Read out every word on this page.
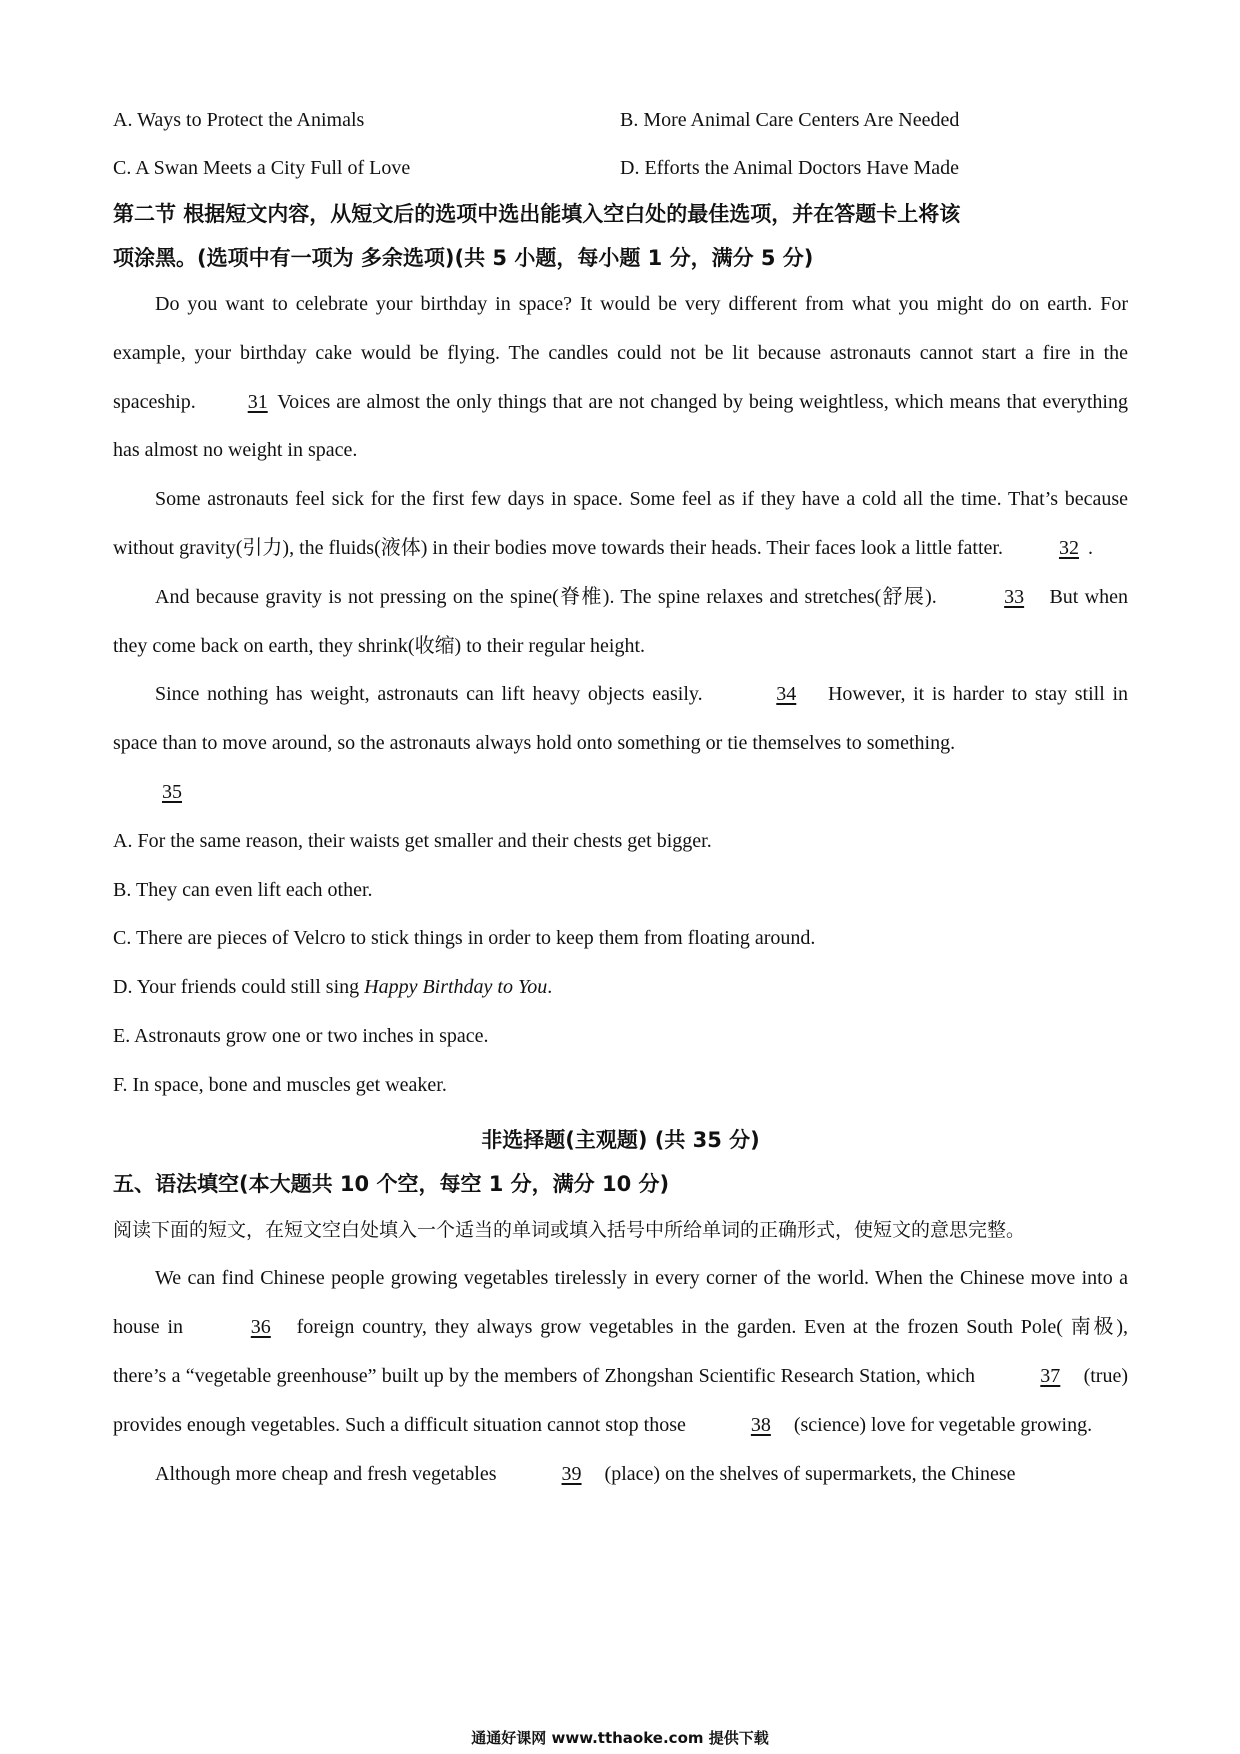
A. Ways to Protect the Animals	B. More Animal Care Centers Are Needed
C. A Swan Meets a City Full of Love	D. Efforts the Animal Doctors Have Made
第二节 根据短文内容，从短文后的选项中选出能填入空白处的最佳选项，并在答题卡上将该
项涂黑。(选项中有一项为 多余选项)(共 5 小题，每小题 1 分，满分 5 分)

Do you want to celebrate your birthday in space? It would be very different from what you might do on earth. For example, your birthday cake would be flying. The candles could not be lit because astronauts cannot start a fire in the spaceship. 31 Voices are almost the only things that are not changed by being weightless, which means that everything has almost no weight in space.

Some astronauts feel sick for the first few days in space. Some feel as if they have a cold all the time. That’s because without gravity(引力), the fluids(液体) in their bodies move towards their heads. Their faces look a little fatter.	32 .

And because gravity is not pressing on the spine(脊椎). The spine relaxes and stretches(舒展).	33 But when they come back on earth, they shrink(收缩) to their regular height.

Since nothing has weight, astronauts can lift heavy objects easily.	34 However, it is harder to stay still in space than to move around, so the astronauts always hold onto something or tie themselves to something.

35

A. For the same reason, their waists get smaller and their chests get bigger.

B. They can even lift each other.

C. There are pieces of Velcro to stick things in order to keep them from floating around.

D. Your friends could still sing Happy Birthday to You.

E. Astronauts grow one or two inches in space.

F. In space, bone and muscles get weaker.

非选择题(主观题) (共 35 分)
五、语法填空(本大题共 10 个空，每空 1 分，满分 10 分)

阅读下面的短文，在短文空白处填入一个适当的单词或填入括号中所给单词的正确形式，使短文的意思完整。

We can find Chinese people growing vegetables tirelessly in every corner of the world. When the Chinese move into a house in	36 foreign country, they always grow vegetables in the garden. Even at the frozen South Pole( 南极), there’s a “vegetable greenhouse” built up by the members of Zhongshan Scientific Research Station, which	37 (true) provides enough vegetables. Such a difficult situation cannot stop those	38 (science) love for vegetable growing.

Although more cheap and fresh vegetables	39 (place) on the shelves of supermarkets, the Chinese

通通好课网 www.tthaoke.com 提供下载
